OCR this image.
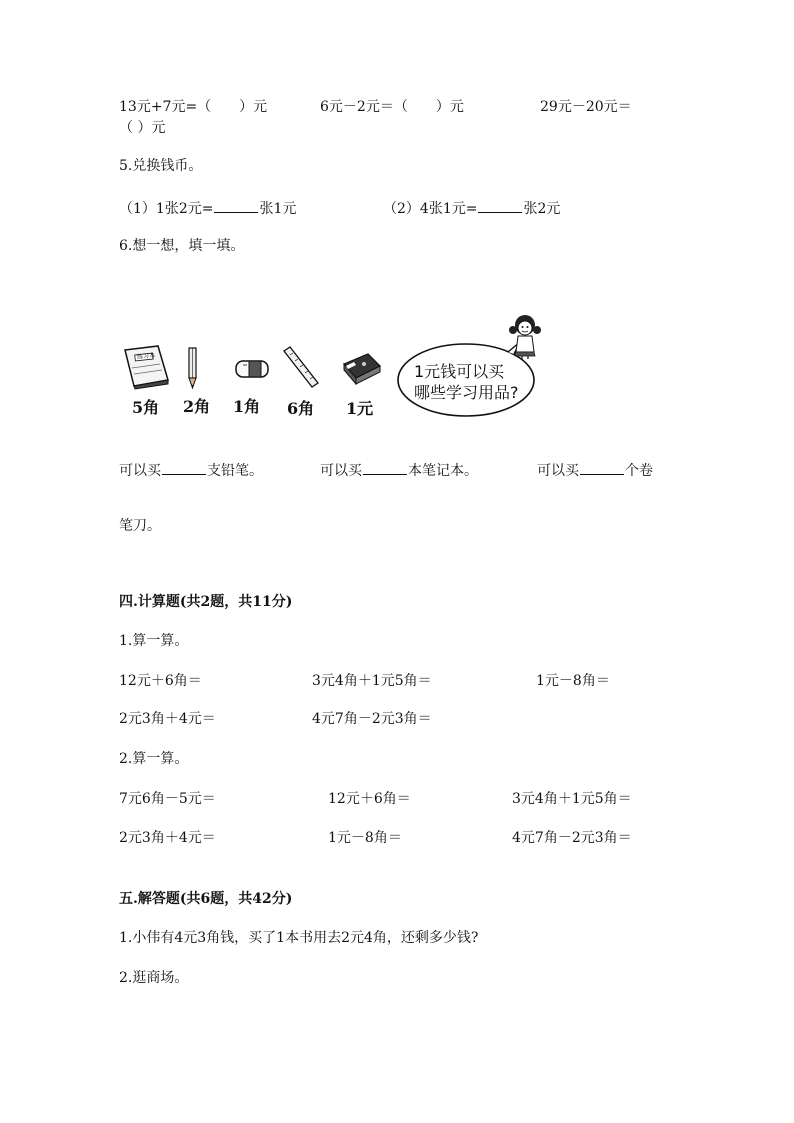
13元+7元=（　　）元	6元－2元＝（　　）元	29元－20元＝
（ ）元
5.兑换钱币。
（1）1张2元=	张1元	（2）4张1元=	张2元
6.想一想，填一填。
练习本
5角 2角 1角 6角 1元
1元钱可以买
哪些学习用品?
可以买	支铅笔。	可以买	本笔记本。	可以买	个卷
笔刀。
四.计算题(共2题，共11分)
1.算一算。
12元＋6角＝	3元4角＋1元5角＝	1元－8角＝
2元3角＋4元＝	4元7角－2元3角＝
2.算一算。
7元6角－5元＝	12元＋6角＝	3元4角＋1元5角＝
2元3角＋4元＝	1元－8角＝	4元7角－2元3角＝
五.解答题(共6题，共42分)
1.小伟有4元3角钱，买了1本书用去2元4角，还剩多少钱?
2.逛商场。
